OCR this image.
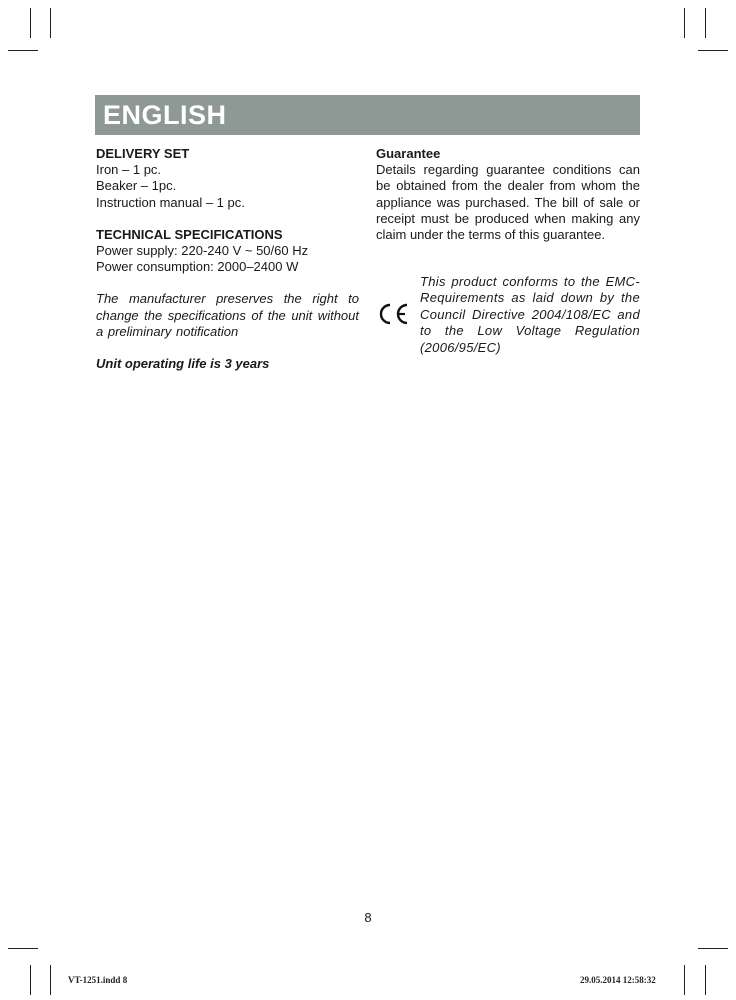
ENGLISH
DELIVERY SET
Iron – 1 pc.
Beaker – 1pc.
Instruction manual – 1 pc.
TECHNICAL SPECIFICATIONS
Power supply: 220-240 V ~ 50/60 Hz
Power consumption: 2000–2400 W
The manufacturer preserves the right to change the specifications of the unit without a preliminary notification
Unit operating life is 3 years
Guarantee
Details regarding guarantee conditions can be obtained from the dealer from whom the appliance was purchased. The bill of sale or receipt must be produced when making any claim under the terms of this guarantee.
This product conforms to the EMC-Requirements as laid down by the Council Directive 2004/108/EC and to the Low Voltage Regulation (2006/95/EC)
8
VT-1251.indd 8	29.05.2014 12:58:32
